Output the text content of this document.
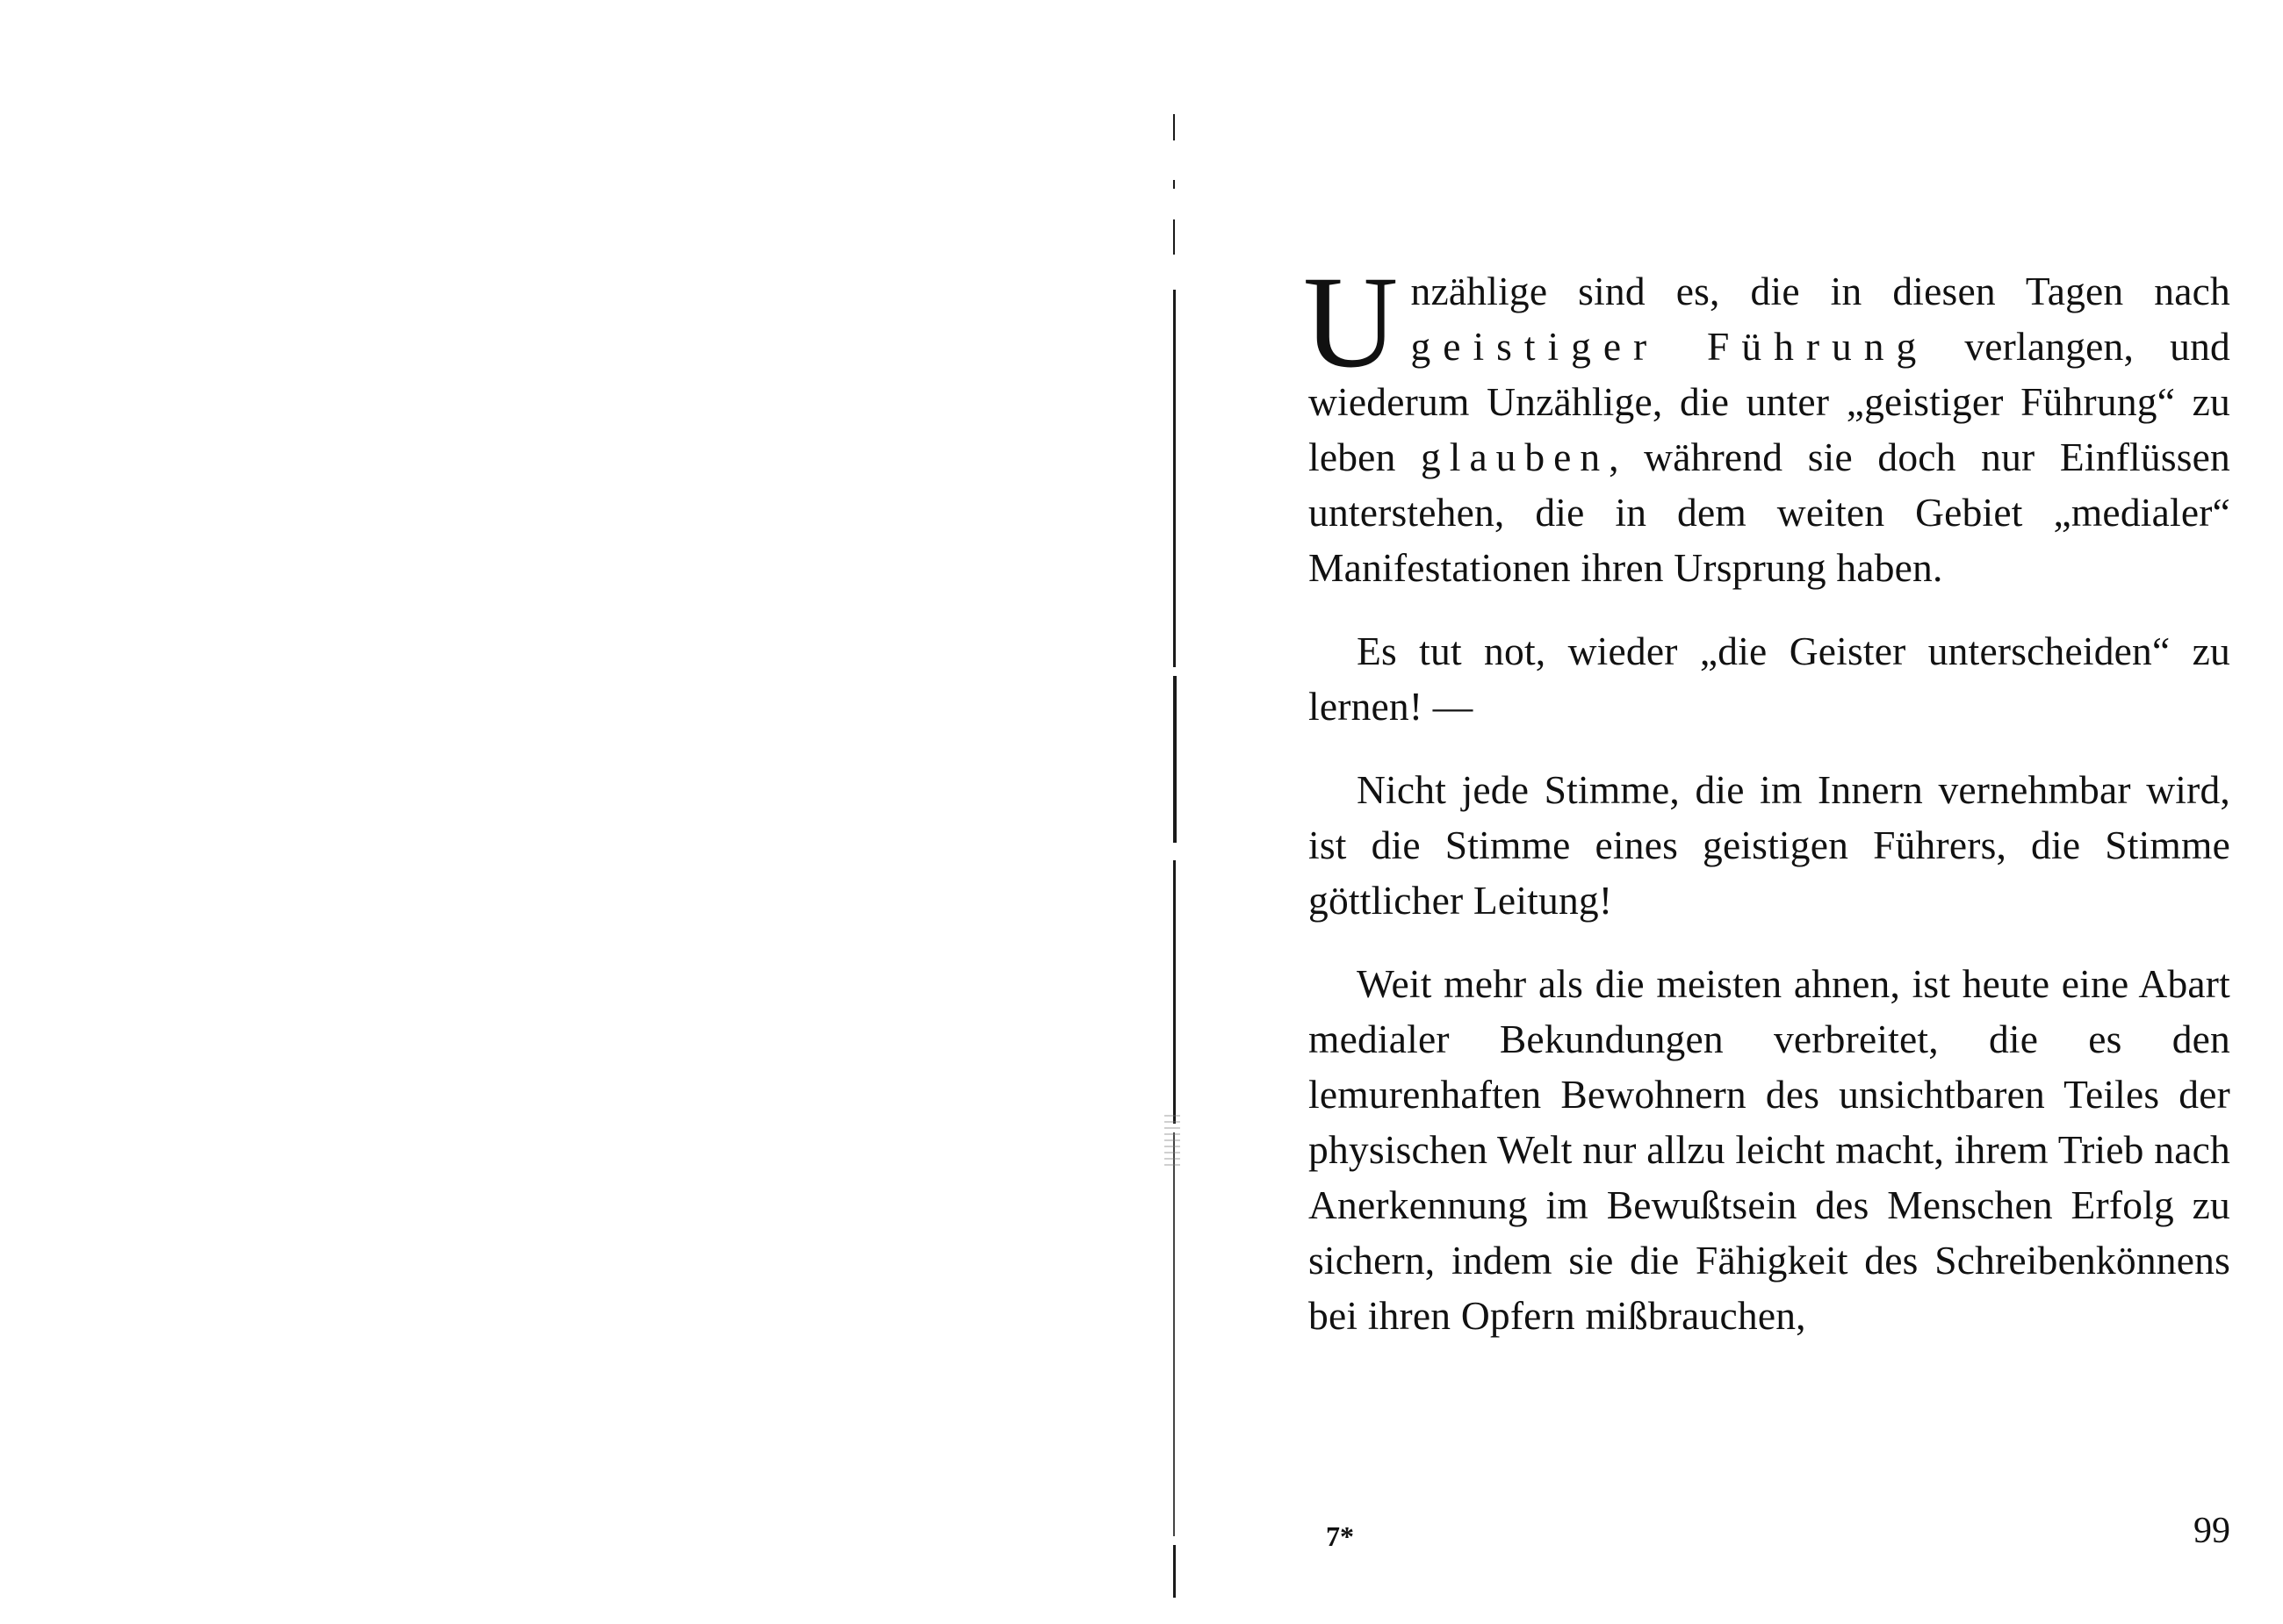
Unzählige sind es, die in diesen Tagen nach geistiger Führung verlangen, und wiederum Unzählige, die unter „geistiger Führung“ zu leben glauben, während sie doch nur Einflüssen unterstehen, die in dem weiten Gebiet „medialer“ Manifestationen ihren Ursprung haben.

Es tut not, wieder „die Geister unterscheiden“ zu lernen! —

Nicht jede Stimme, die im Innern vernehmbar wird, ist die Stimme eines geistigen Führers, die Stimme göttlicher Leitung!

Weit mehr als die meisten ahnen, ist heute eine Abart medialer Bekundungen verbreitet, die es den lemurenhaften Bewohnern des unsichtbaren Teiles der physischen Welt nur allzu leicht macht, ihrem Trieb nach Anerkennung im Bewußtsein des Menschen Erfolg zu sichern, indem sie die Fähigkeit des Schreibenkönnens bei ihren Opfern mißbrauchen,

7*	99
